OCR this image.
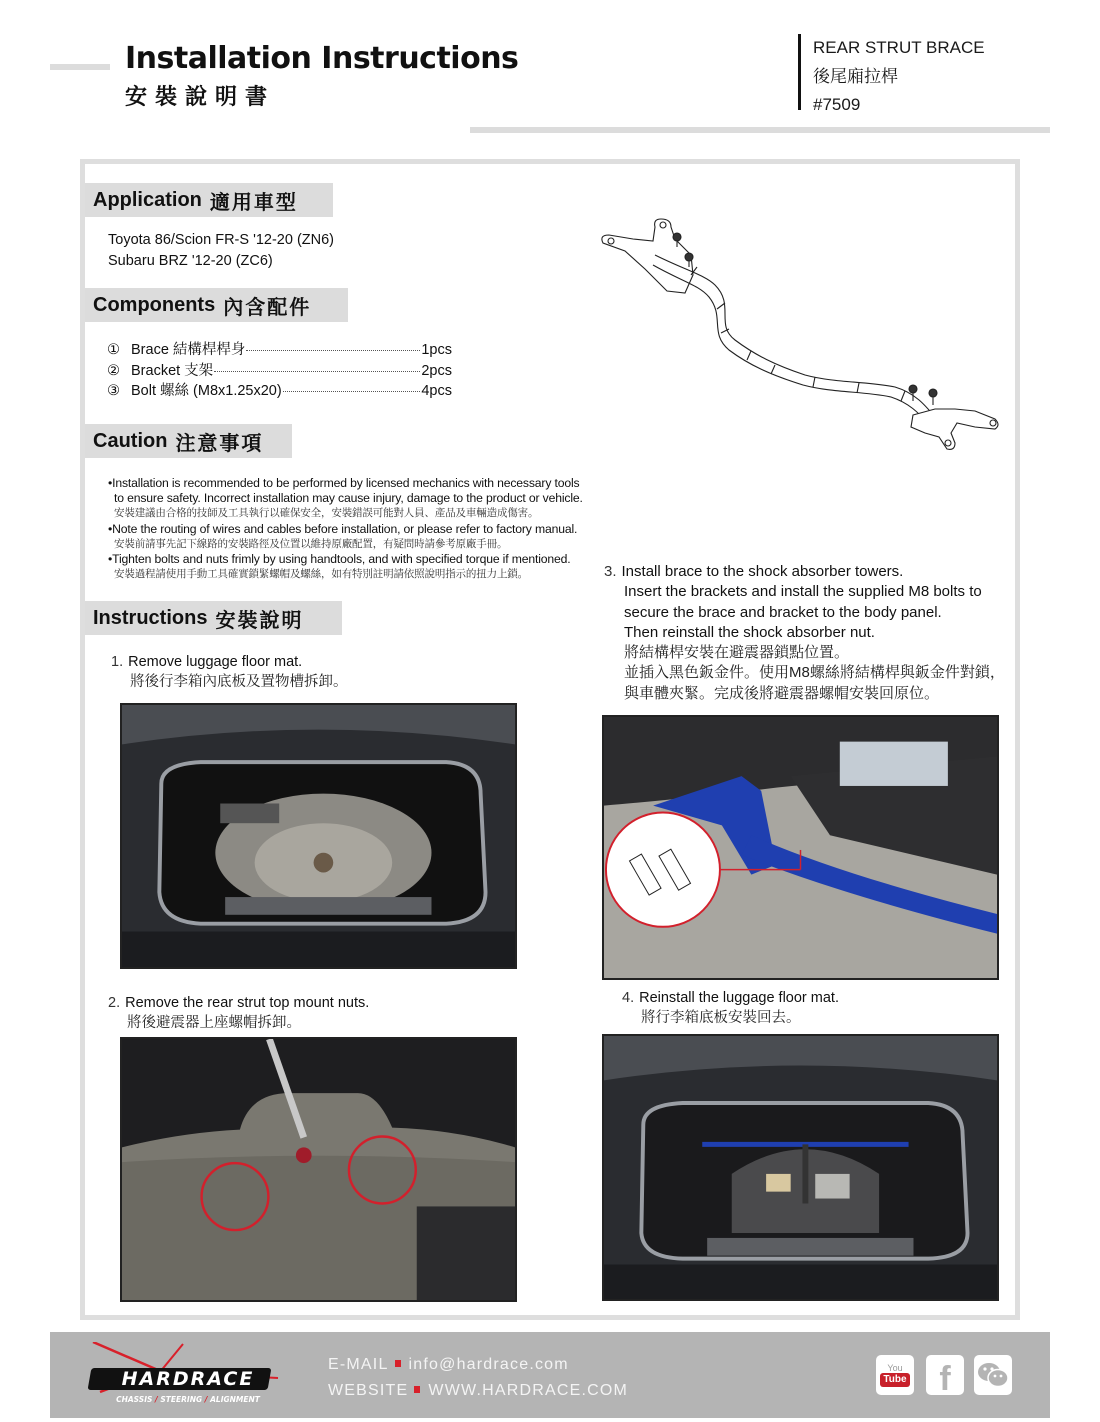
Installation Instructions
安裝說明書
REAR STRUT BRACE
後尾廂拉桿
#7509
Application 適用車型
Toyota 86/Scion FR-S '12-20 (ZN6)
Subaru BRZ '12-20 (ZC6)
Components 內含配件
① Brace 結構桿桿身	1pcs
② Bracket 支架	2pcs
③ Bolt 螺絲 (M8x1.25x20)	4pcs
Caution 注意事項
•Installation is recommended to be performed by licensed mechanics with necessary tools
to ensure safety. Incorrect installation may cause injury, damage to the product or vehicle.
安裝建議由合格的技師及工具執行以確保安全，安裝錯誤可能對人員、產品及車輛造成傷害。
•Note the routing of wires and cables before installation, or please refer to factory manual.
安裝前請事先記下線路的安裝路徑及位置以維持原廠配置，有疑問時請參考原廠手冊。
•Tighten bolts and nuts frimly by using handtools, and with specified torque if mentioned.
安裝過程請使用手動工具確實鎖緊螺帽及螺絲，如有特別註明請依照說明指示的扭力上鎖。
Instructions 安裝說明
1. Remove luggage floor mat.
將後行李箱內底板及置物槽拆卸。
2. Remove the rear strut top mount nuts.
將後避震器上座螺帽拆卸。
3. Install brace to the shock absorber towers.
Insert the brackets and install the supplied M8 bolts to
secure the brace and bracket to the body panel.
Then reinstall the shock absorber nut.
將結構桿安裝在避震器鎖點位置。
並插入黑色鈑金件。使用M8螺絲將結構桿與鈑金件對鎖，
與車體夾緊。完成後將避震器螺帽安裝回原位。
4. Reinstall the luggage floor mat.
將行李箱底板安裝回去。
HARDRACE
CHASSIS / STEERING / ALIGNMENT
E-MAIL info@hardrace.com
WEBSITE WWW.HARDRACE.COM
You
Tube f
